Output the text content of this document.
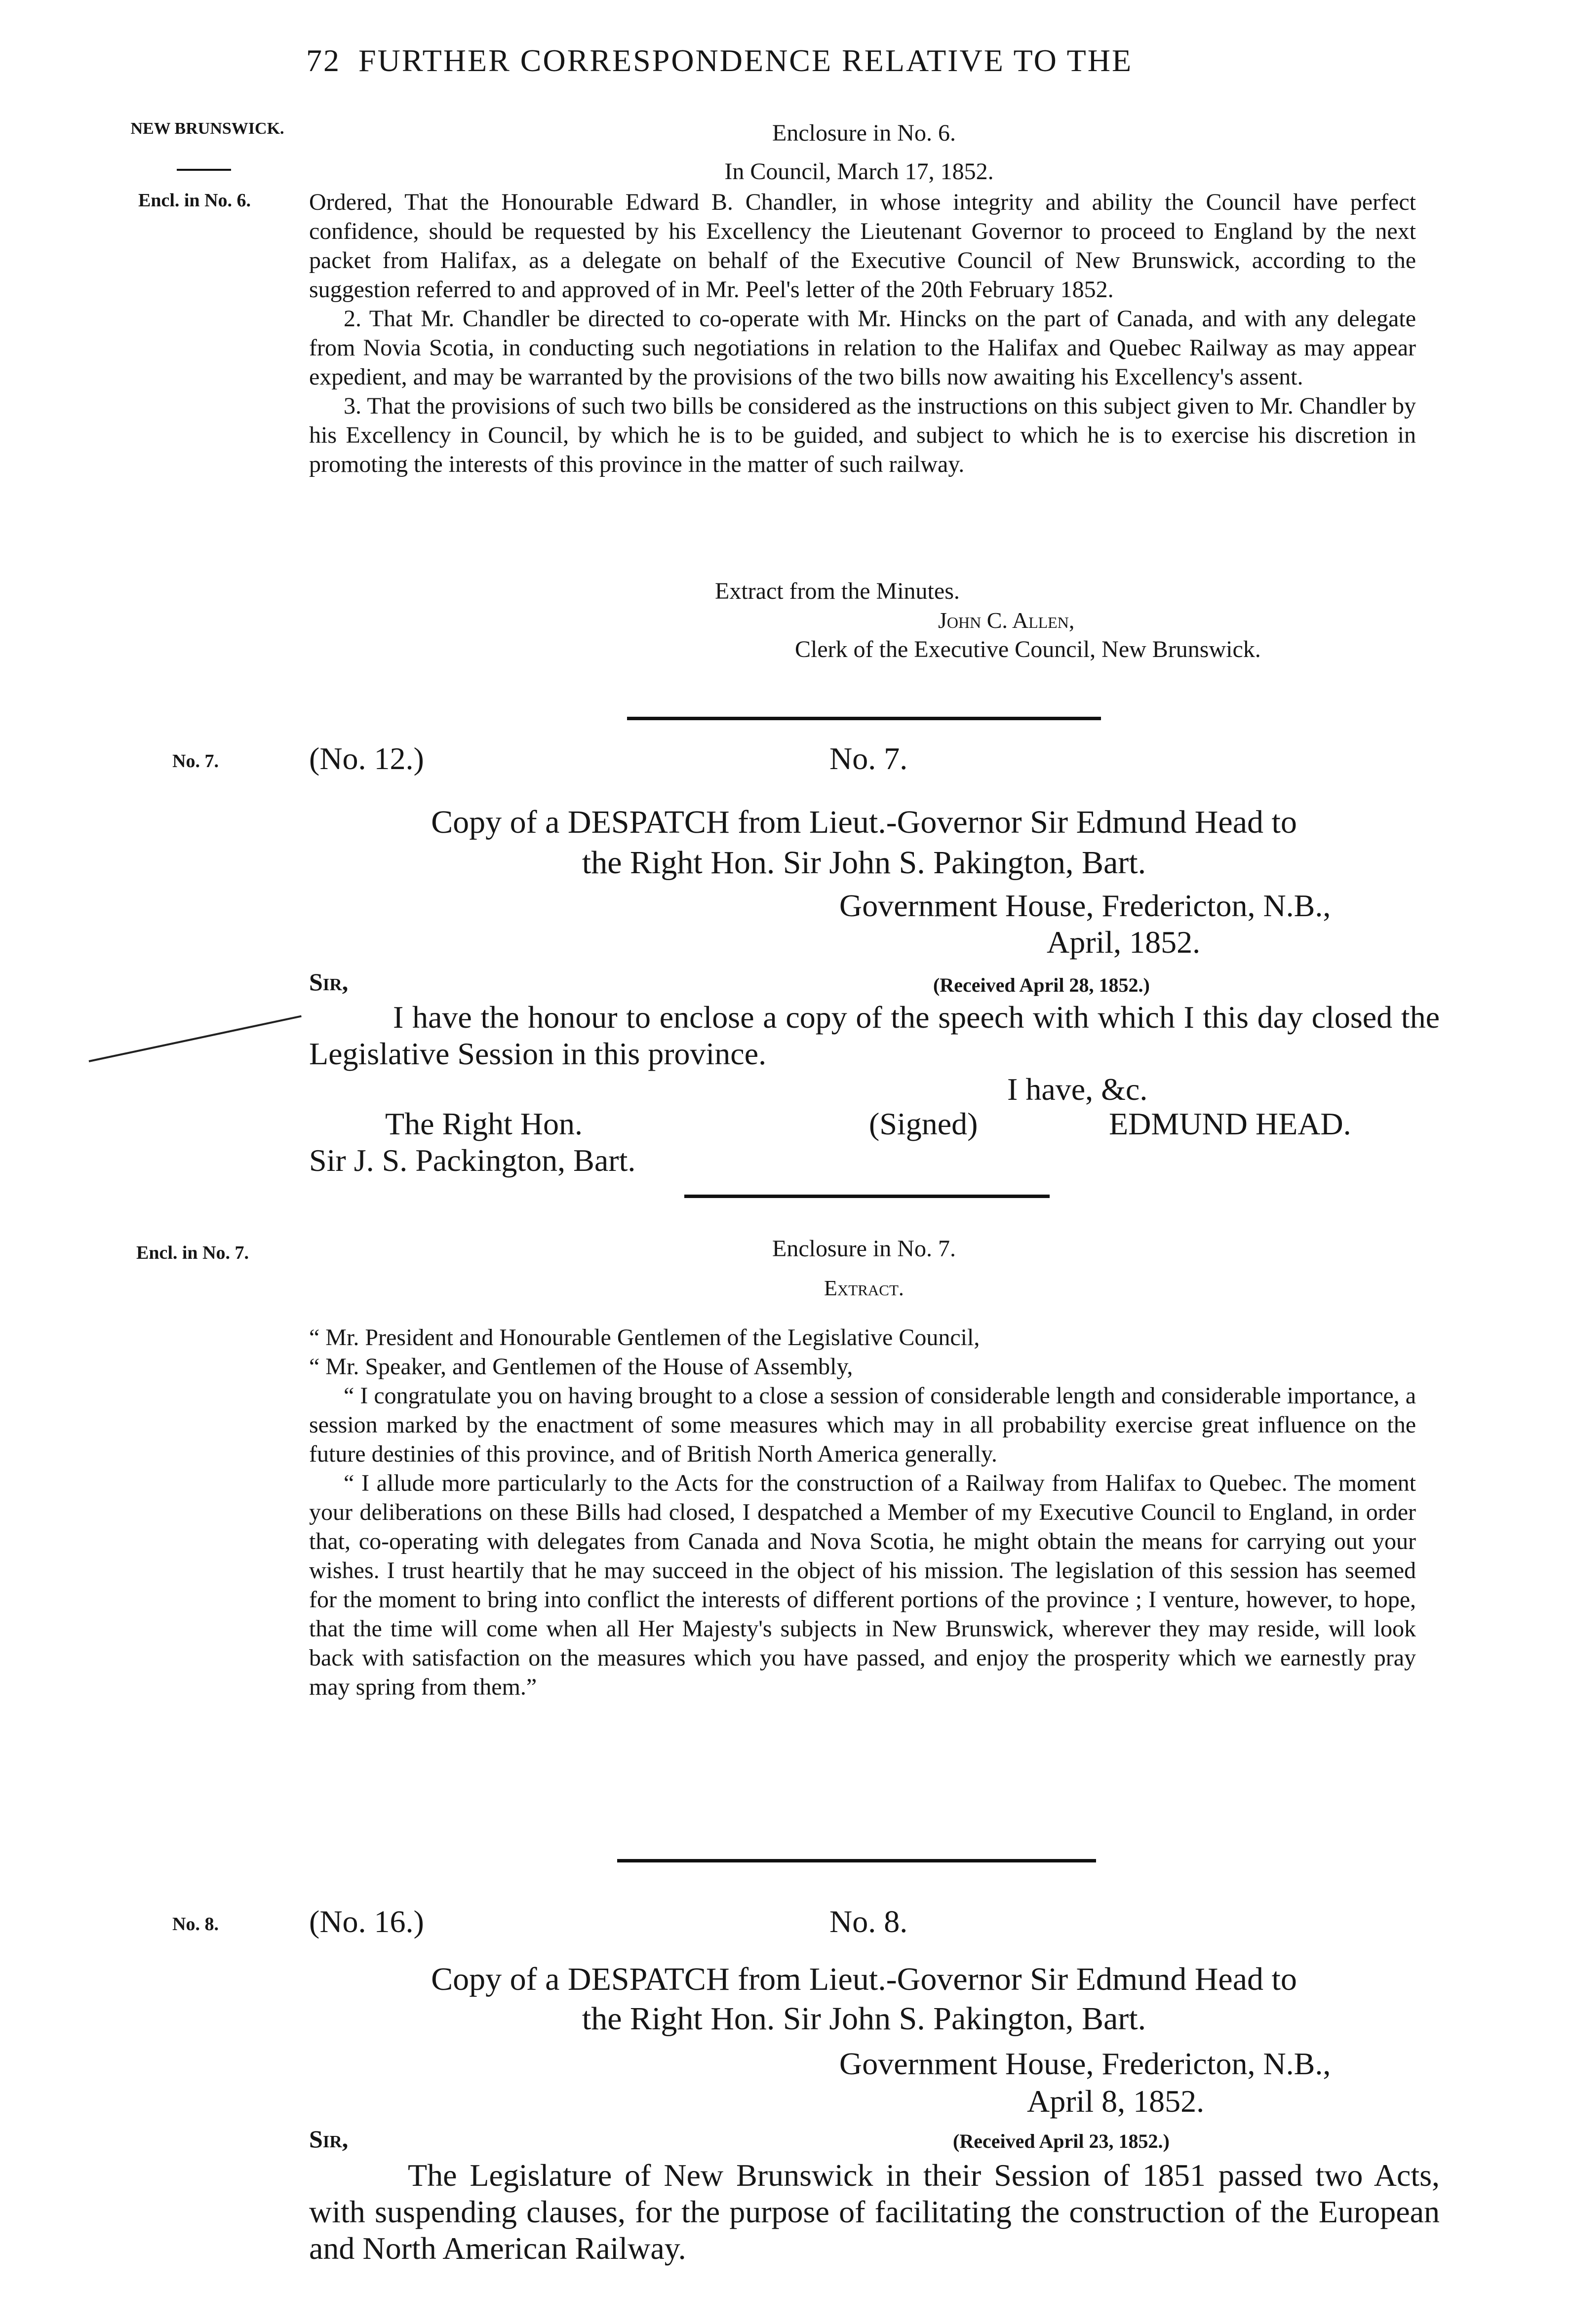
72 FURTHER CORRESPONDENCE RELATIVE TO THE
NEW BRUNSWICK.
Encl. in No. 6.
No. 7.
Encl. in No. 7.
No. 8.
Enclosure in No. 6.
In Council, March 17, 1852.

Ordered, That the Honourable Edward B. Chandler, in whose integrity and ability the Council have perfect confidence, should be requested by his Excellency the Lieutenant Governor to proceed to England by the next packet from Halifax, as a delegate on behalf of the Executive Council of New Brunswick, according to the suggestion referred to and approved of in Mr. Peel's letter of the 20th February 1852.

2. That Mr. Chandler be directed to co-operate with Mr. Hincks on the part of Canada, and with any delegate from Novia Scotia, in conducting such negotiations in relation to the Halifax and Quebec Railway as may appear expedient, and may be warranted by the provisions of the two bills now awaiting his Excellency's assent.

3. That the provisions of such two bills be considered as the instructions on this subject given to Mr. Chandler by his Excellency in Council, by which he is to be guided, and subject to which he is to exercise his discretion in promoting the interests of this province in the matter of such railway.

Extract from the Minutes.
John C. Allen,
Clerk of the Executive Council, New Brunswick.
(No. 12.)	No. 7.
Copy of a DESPATCH from Lieut.-Governor Sir Edmund Head to
the Right Hon. Sir John S. Pakington, Bart.
Government House, Fredericton, N.B.,
April, 1852.
Sir,	(Received April 28, 1852.)
I have the honour to enclose a copy of the speech with which I this day closed the Legislative Session in this province.
I have, &c.
The Right Hon.	(Signed)	EDMUND HEAD.
Sir J. S. Packington, Bart.
Enclosure in No. 7.
Extract.

“ Mr. President and Honourable Gentlemen of the Legislative Council,

“ Mr. Speaker, and Gentlemen of the House of Assembly,

“ I congratulate you on having brought to a close a session of considerable length and considerable importance, a session marked by the enactment of some measures which may in all probability exercise great influence on the future destinies of this province, and of British North America generally.

“ I allude more particularly to the Acts for the construction of a Railway from Halifax to Quebec. The moment your deliberations on these Bills had closed, I despatched a Member of my Executive Council to England, in order that, co-operating with delegates from Canada and Nova Scotia, he might obtain the means for carrying out your wishes. I trust heartily that he may succeed in the object of his mission. The legislation of this session has seemed for the moment to bring into conflict the interests of different portions of the province ; I venture, however, to hope, that the time will come when all Her Majesty's subjects in New Brunswick, wherever they may reside, will look back with satisfaction on the measures which you have passed, and enjoy the prosperity which we earnestly pray may spring from them.”

(No. 16.)	No. 8.
Copy of a DESPATCH from Lieut.-Governor Sir Edmund Head to
the Right Hon. Sir John S. Pakington, Bart.
Government House, Fredericton, N.B.,
April 8, 1852.
Sir,	(Received April 23, 1852.)
The Legislature of New Brunswick in their Session of 1851 passed two Acts, with suspending clauses, for the purpose of facilitating the construction of the European and North American Railway.
